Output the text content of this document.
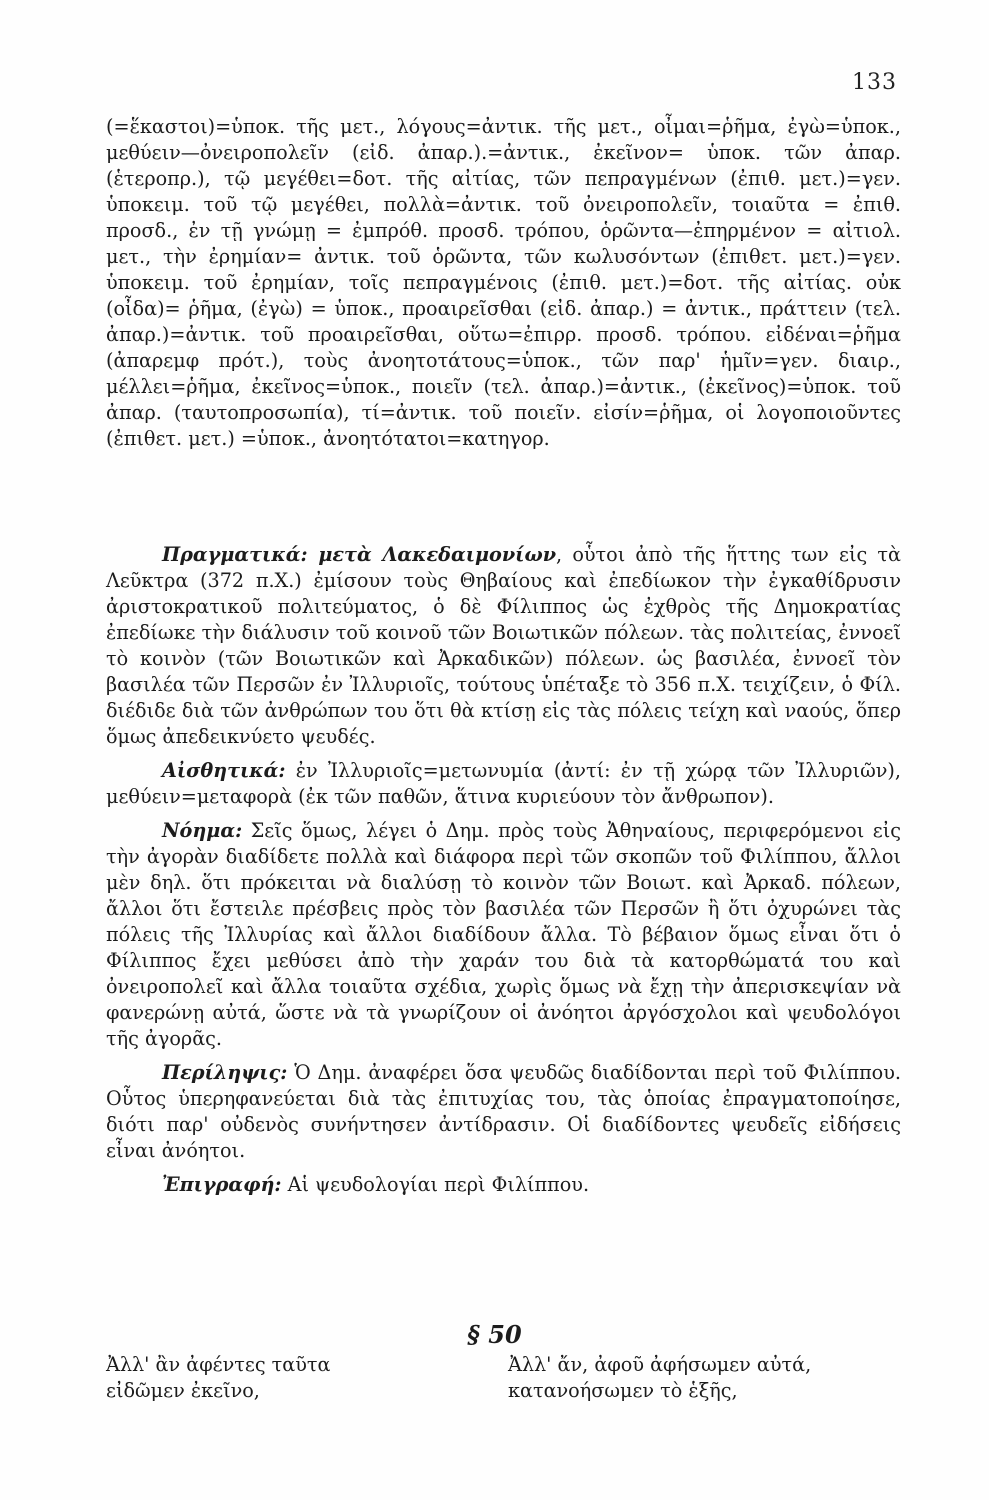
133

(=ἕκαστοι)=ὑποκ. τῆς μετ., λόγους=ἀντικ. τῆς μετ., οἶμαι=ῥῆμα, ἐγὼ=ὑποκ., μεθύειν—ὀνειροπολεῖν (εἰδ. ἀπαρ.).=ἀντικ., ἐκεῖνον= ὑποκ. τῶν ἀπαρ. (ἑτεροπρ.), τῷ μεγέθει=δοτ. τῆς αἰτίας, τῶν πεπραγμένων (ἐπιθ. μετ.)=γεν. ὑποκειμ. τοῦ τῷ μεγέθει, πολλὰ=ἀντικ. τοῦ ὀνειροπολεῖν, τοιαῦτα = ἐπιθ. προσδ., ἐν τῇ γνώμῃ = ἐμπρόθ. προσδ. τρόπου, ὁρῶντα—ἐπηρμένον = αἰτιολ. μετ., τὴν ἐρημίαν= ἀντικ. τοῦ ὁρῶντα, τῶν κωλυσόντων (ἐπιθετ. μετ.)=γεν. ὑποκειμ. τοῦ ἐρημίαν, τοῖς πεπραγμένοις (ἐπιθ. μετ.)=δοτ. τῆς αἰτίας. οὐκ (οἶδα)= ῥῆμα, (ἐγὼ) = ὑποκ., προαιρεῖσθαι (εἰδ. ἀπαρ.) = ἀντικ., πράττειν (τελ. ἀπαρ.)=ἀντικ. τοῦ προαιρεῖσθαι, οὕτω=ἐπιρρ. προσδ. τρόπου. εἰδέναι=ῥῆμα (ἀπαρεμφ πρότ.), τοὺς ἀνοητοτάτους=ὑποκ., τῶν παρ' ἡμῖν=γεν. διαιρ., μέλλει=ῥῆμα, ἐκεῖνος=ὑποκ., ποιεῖν (τελ. ἀπαρ.)=ἀντικ., (ἐκεῖνος)=ὑποκ. τοῦ ἀπαρ. (ταυτοπροσωπία), τί=ἀντικ. τοῦ ποιεῖν. εἰσίν=ῥῆμα, οἱ λογοποιοῦντες (ἐπιθετ. μετ.) =ὑποκ., ἀνοητότατοι=κατηγορ.

Πραγματικά: μετὰ Λακεδαιμονίων, οὗτοι ἀπὸ τῆς ἥττης των εἰς τὰ Λεῦκτρα (372 π.Χ.) ἐμίσουν τοὺς Θηβαίους καὶ ἐπεδίωκον τὴν ἐγκαθίδρυσιν ἀριστοκρατικοῦ πολιτεύματος, ὁ δὲ Φίλιππος ὡς ἐχθρὸς τῆς Δημοκρατίας ἐπεδίωκε τὴν διάλυσιν τοῦ κοινοῦ τῶν Βοιωτικῶν πόλεων. τὰς πολιτείας, ἐννοεῖ τὸ κοινὸν (τῶν Βοιωτικῶν καὶ Ἀρκαδικῶν) πόλεων. ὡς βασιλέα, ἐννοεῖ τὸν βασιλέα τῶν Περσῶν ἐν Ἰλλυριοῖς, τούτους ὑπέταξε τὸ 356 π.Χ. τειχίζειν, ὁ Φίλ. διέδιδε διὰ τῶν ἀνθρώπων του ὅτι θὰ κτίσῃ εἰς τὰς πόλεις τείχη καὶ ναούς, ὅπερ ὅμως ἀπεδεικνύετο ψευδές.

Αἰσθητικά: ἐν Ἰλλυριοῖς=μετωνυμία (ἀντί: ἐν τῇ χώρᾳ τῶν Ἰλλυριῶν), μεθύειν=μεταφορὰ (ἐκ τῶν παθῶν, ἅτινα κυριεύουν τὸν ἄνθρωπον).

Νόημα: Σεῖς ὅμως, λέγει ὁ Δημ. πρὸς τοὺς Ἀθηναίους, περιφερόμενοι εἰς τὴν ἀγορὰν διαδίδετε πολλὰ καὶ διάφορα περὶ τῶν σκοπῶν τοῦ Φιλίππου, ἄλλοι μὲν δηλ. ὅτι πρόκειται νὰ διαλύσῃ τὸ κοινὸν τῶν Βοιωτ. καὶ Ἀρκαδ. πόλεων, ἄλλοι ὅτι ἔστειλε πρέσβεις πρὸς τὸν βασιλέα τῶν Περσῶν ἢ ὅτι ὀχυρώνει τὰς πόλεις τῆς Ἰλλυρίας καὶ ἄλλοι διαδίδουν ἄλλα. Τὸ βέβαιον ὅμως εἶναι ὅτι ὁ Φίλιππος ἔχει μεθύσει ἀπὸ τὴν χαράν του διὰ τὰ κατορθώματά του καὶ ὀνειροπολεῖ καὶ ἄλλα τοιαῦτα σχέδια, χωρὶς ὅμως νὰ ἔχῃ τὴν ἀπερισκεψίαν νὰ φανερώνῃ αὐτά, ὥστε νὰ τὰ γνωρίζουν οἱ ἀνόητοι ἀργόσχολοι καὶ ψευδολόγοι τῆς ἀγορᾶς.

Περίληψις: Ὁ Δημ. ἀναφέρει ὅσα ψευδῶς διαδίδονται περὶ τοῦ Φιλίππου. Οὗτος ὑπερηφανεύεται διὰ τὰς ἐπιτυχίας του, τὰς ὁποίας ἐπραγματοποίησε, διότι παρ' οὐδενὸς συνήντησεν ἀντίδρασιν. Οἱ διαδίδοντες ψευδεῖς εἰδήσεις εἶναι ἀνόητοι.

Ἐπιγραφή: Αἱ ψευδολογίαι περὶ Φιλίππου.

§ 50
Ἀλλ' ἂν ἀφέντες ταῦτα
εἰδῶμεν ἐκεῖνο,
Ἀλλ' ἄν, ἀφοῦ ἀφήσωμεν αὐτά,
κατανοήσωμεν τὸ ἑξῆς,
